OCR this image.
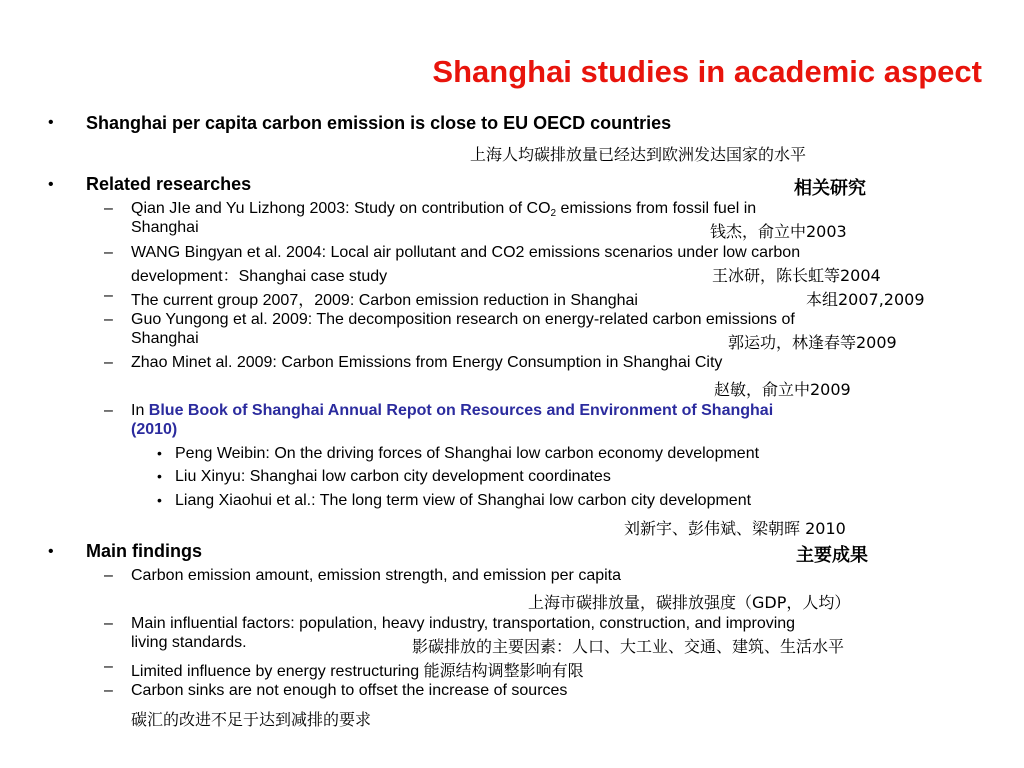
Shanghai studies in academic aspect
• Shanghai per capita carbon emission is close to EU OECD countries
上海人均碳排放量已经达到欧洲发达国家的水平
• Related researches	相关研究
– Qian JIe and Yu Lizhong 2003: Study on contribution of $CO_2$ emissions from fossil fuel in
Shanghai	钱杰，俞立中2003
– WANG Bingyan et al. 2004: Local air pollutant and CO2 emissions scenarios under low carbon
development：Shanghai case study	王冰研，陈长虹等2004
– The current group 2007，2009: Carbon emission reduction in Shanghai	本组2007,2009
– Guo Yungong et al. 2009: The decomposition research on energy-related carbon emissions of
Shanghai	郭运功，林逢春等2009
– Zhao Minet al. 2009: Carbon Emissions from Energy Consumption in Shanghai City
赵敏，俞立中2009
– In Blue Book of Shanghai Annual Repot on Resources and Environment of Shanghai
(2010)
• Peng Weibin: On the driving forces of Shanghai low carbon economy development
• Liu Xinyu: Shanghai low carbon city development coordinates
• Liang Xiaohui et al.: The long term view of Shanghai low carbon city development
刘新宇、彭伟斌、梁朝晖 2010
• Main findings	主要成果
– Carbon emission amount, emission strength, and emission per capita
上海市碳排放量，碳排放强度（GDP，人均）
– Main influential factors: population, heavy industry, transportation, construction, and improving
living standards.	影碳排放的主要因素：人口、大工业、交通、建筑、生活水平
– Limited influence by energy restructuring 能源结构调整影响有限
– Carbon sinks are not enough to offset the increase of sources
碳汇的改进不足于达到减排的要求
